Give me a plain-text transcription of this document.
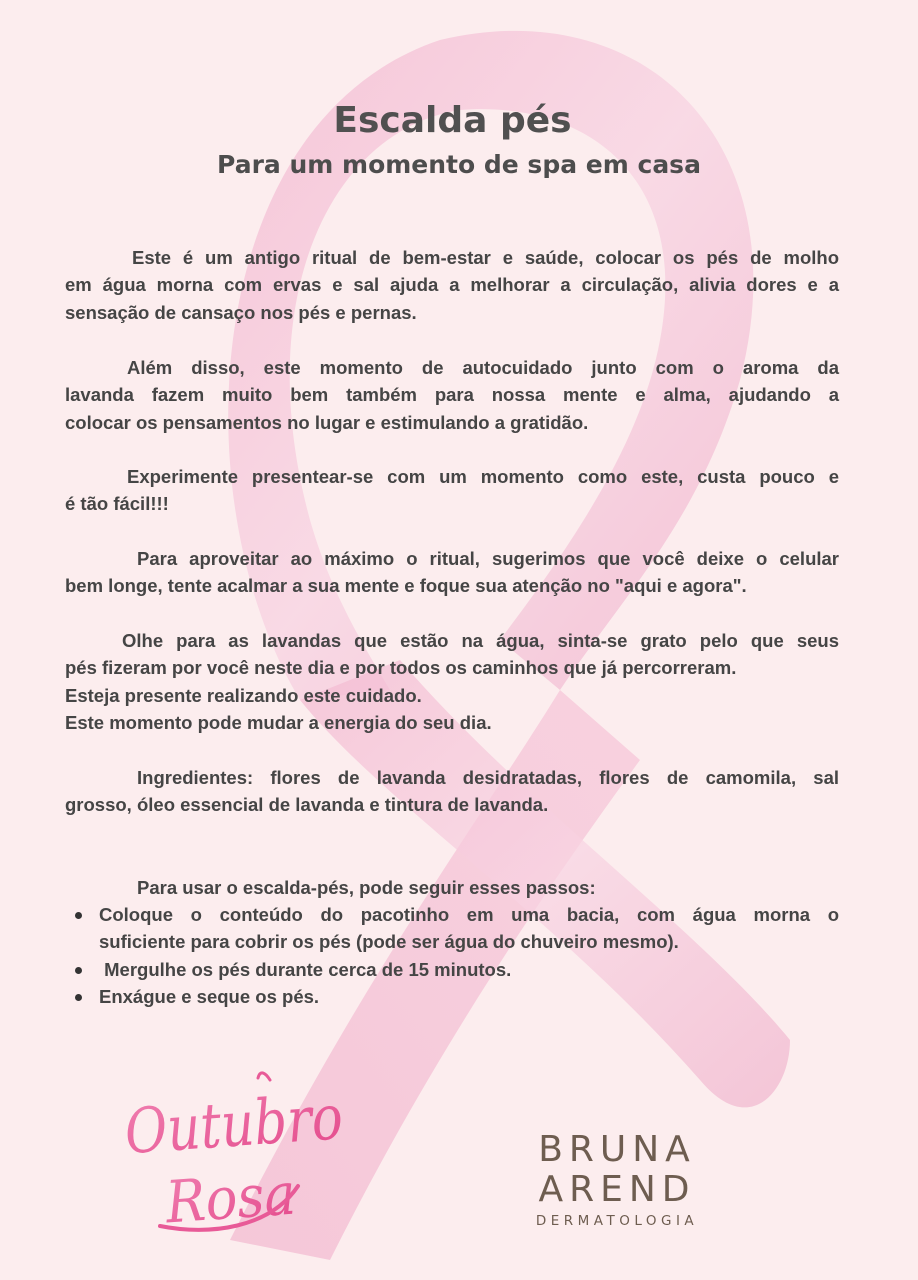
Escalda pés
Para um momento de spa em casa
Este é um antigo ritual de bem-estar e saúde, colocar os pés de molho
em água morna com ervas e sal ajuda a melhorar a circulação, alivia dores e a
sensação de cansaço nos pés e pernas.
Além disso, este momento de autocuidado junto com o aroma da
lavanda fazem muito bem também para nossa mente e alma, ajudando a
colocar os pensamentos no lugar e estimulando a gratidão.
Experimente presentear-se com um momento como este, custa pouco e
é tão fácil!!!
Para aproveitar ao máximo o ritual, sugerimos que você deixe o celular
bem longe, tente acalmar a sua mente e foque sua atenção no "aqui e agora".
Olhe para as lavandas que estão na água, sinta-se grato pelo que seus
pés fizeram por você neste dia e por todos os caminhos que já percorreram.
Esteja presente realizando este cuidado.
Este momento pode mudar a energia do seu dia.
Ingredientes: flores de lavanda desidratadas, flores de camomila, sal
grosso, óleo essencial de lavanda e tintura de lavanda.
Para usar o escalda-pés, pode seguir esses passos:
Coloque o conteúdo do pacotinho em uma bacia, com água morna o
suficiente para cobrir os pés (pode ser água do chuveiro mesmo).
Mergulhe os pés durante cerca de 15 minutos.
Enxágue e seque os pés.
Outubro
Rosa
BRUNA AREND
DERMATOLOGIA
